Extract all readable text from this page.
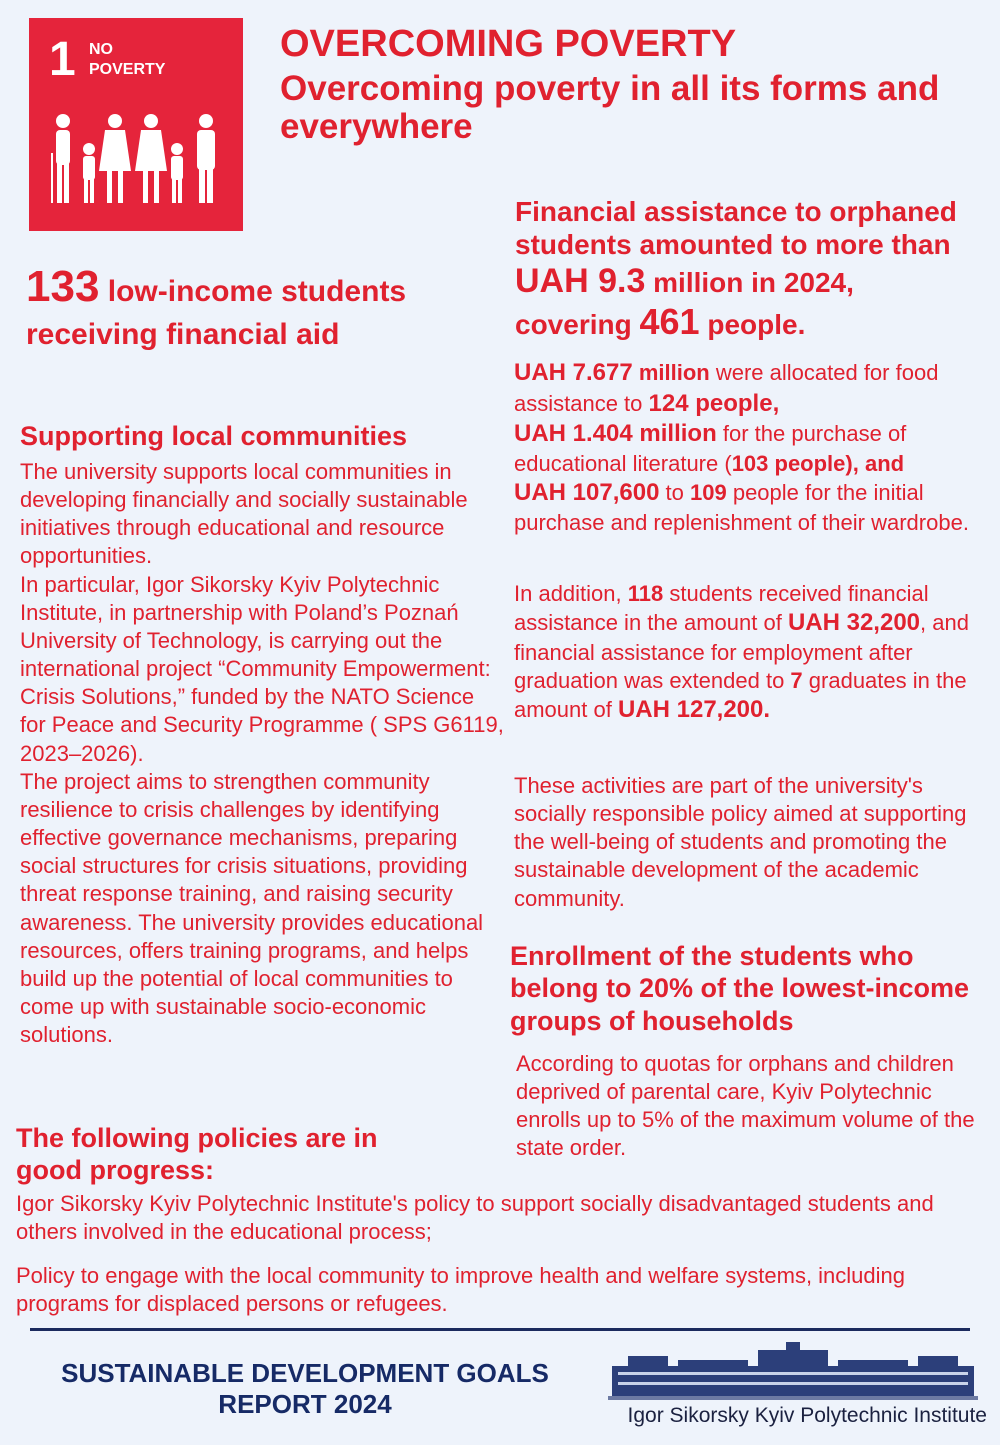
1 NO
POVERTY
OVERCOMING POVERTY
Overcoming poverty in all its forms and everywhere
133 low-income students
receiving financial aid
Financial assistance to orphaned students amounted to more than
UAH 9.3 million in 2024,
covering 461 people.
UAH 7.677 million were allocated for food assistance to 124 people,
UAH 1.404 million for the purchase of educational literature (103 people), and
UAH 107,600 to 109 people for the initial purchase and replenishment of their wardrobe.
In addition, 118 students received financial assistance in the amount of UAH 32,200, and financial assistance for employment after graduation was extended to 7 graduates in the amount of UAH 127,200.
These activities are part of the university's socially responsible policy aimed at supporting the well-being of students and promoting the sustainable development of the academic community.
Supporting local communities
The university supports local communities in developing financially and socially sustainable initiatives through educational and resource opportunities.
In particular, Igor Sikorsky Kyiv Polytechnic Institute, in partnership with Poland’s Poznań University of Technology, is carrying out the international project “Community Empowerment: Crisis Solutions,” funded by the NATO Science for Peace and Security Programme ( SPS G6119, 2023–2026).
The project aims to strengthen community resilience to crisis challenges by identifying effective governance mechanisms, preparing social structures for crisis situations, providing threat response training, and raising security awareness. The university provides educational resources, offers training programs, and helps build up the potential of local communities to come up with sustainable socio-economic solutions.
Enrollment of the students who belong to 20% of the lowest-income groups of households
According to quotas for orphans and children deprived of parental care, Kyiv Polytechnic enrolls up to 5% of the maximum volume of the state order.
The following policies are in good progress:
Igor Sikorsky Kyiv Polytechnic Institute's policy to support socially disadvantaged students and others involved in the educational process;
Policy to engage with the local community to improve health and welfare systems, including programs for displaced persons or refugees.
SUSTAINABLE DEVELOPMENT GOALS
REPORT 2024	Igor Sikorsky Kyiv Polytechnic Institute
